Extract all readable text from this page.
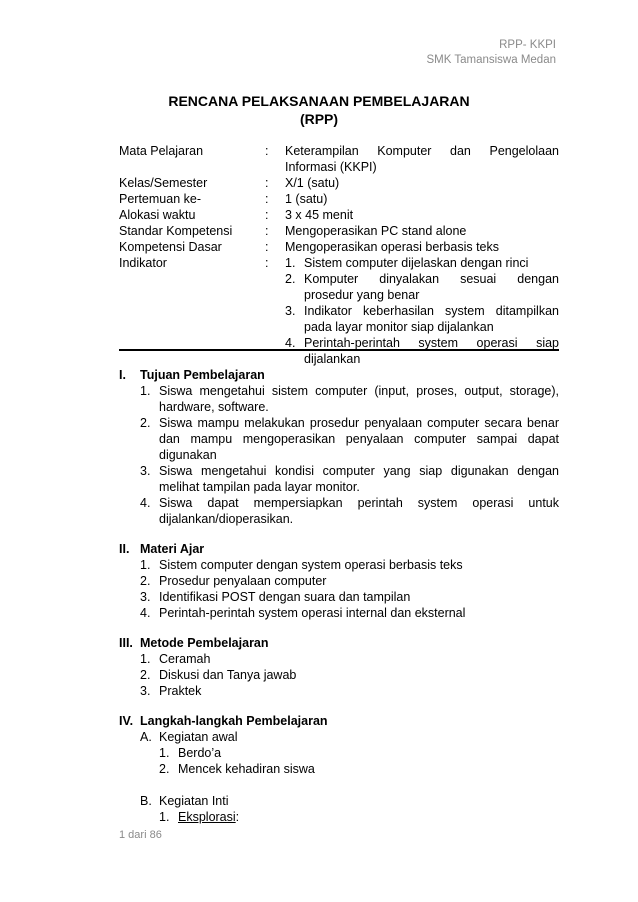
RPP- KKPI
SMK Tamansiswa Medan
RENCANA PELAKSANAAN PEMBELAJARAN
(RPP)
Mata Pelajaran	:	Keterampilan Komputer dan Pengelolaan Informasi (KKPI)
Kelas/Semester	:	X/1 (satu)
Pertemuan ke-	:	1 (satu)
Alokasi waktu	:	3 x 45 menit
Standar Kompetensi	:	Mengoperasikan PC stand alone
Kompetensi Dasar	:	Mengoperasikan operasi berbasis teks
Indikator	:	1. Sistem computer dijelaskan dengan rinci
2. Komputer dinyalakan sesuai dengan prosedur yang benar
3. Indikator keberhasilan system ditampilkan pada layar monitor siap dijalankan
4. Perintah-perintah system operasi siap dijalankan
I.	Tujuan Pembelajaran
1. Siswa mengetahui sistem computer (input, proses, output, storage), hardware, software.
2. Siswa mampu melakukan prosedur penyalaan computer secara benar dan mampu mengoperasikan penyalaan computer sampai dapat digunakan
3. Siswa mengetahui kondisi computer yang siap digunakan dengan melihat tampilan pada layar monitor.
4. Siswa dapat mempersiapkan perintah system operasi untuk
dijalankan/dioperasikan.
II. Materi Ajar
1. Sistem computer dengan system operasi berbasis teks
2. Prosedur penyalaan computer
3. Identifikasi POST dengan suara dan tampilan
4. Perintah-perintah system operasi internal dan eksternal
III. Metode Pembelajaran
1. Ceramah
2. Diskusi dan Tanya jawab
3. Praktek
IV. Langkah-langkah Pembelajaran
A. Kegiatan awal
1. Berdo’a
2. Mencek kehadiran siswa
B. Kegiatan Inti
1. Eksplorasi:
1 dari 86
